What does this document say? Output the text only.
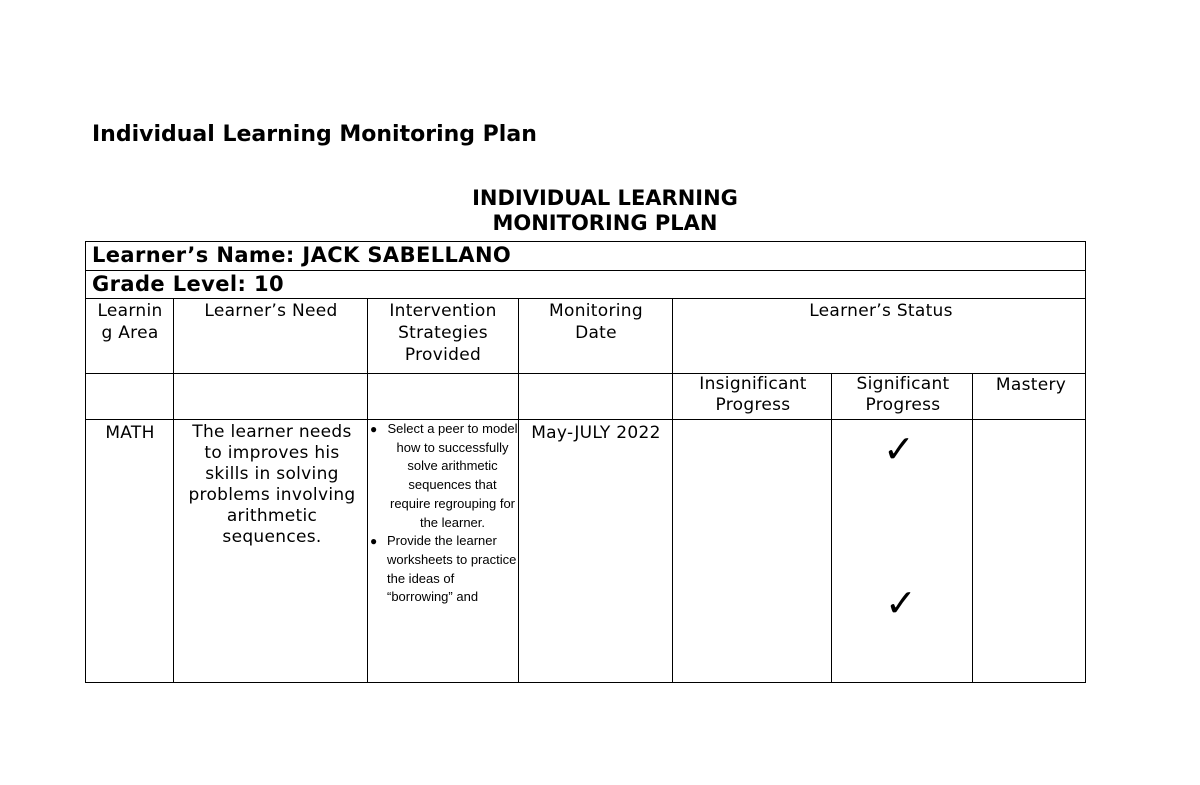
Individual Learning Monitoring Plan
INDIVIDUAL LEARNING
MONITORING PLAN
Learner’s Name: JACK SABELLANO
Grade Level: 10
Learnin g Area
Learner’s Need	Intervention Strategies Provided
Monitoring Date
Learner’s Status
Insignificant Progress
Significant Progress
Mastery
MATH	The learner needs to improves his skills in solving problems involving arithmetic sequences.
May-JULY 2022
● Select a peer to model how to successfully solve arithmetic sequences that require regrouping for the learner.
● Provide the learner worksheets to practice the ideas of “borrowing” and
✓
✓
